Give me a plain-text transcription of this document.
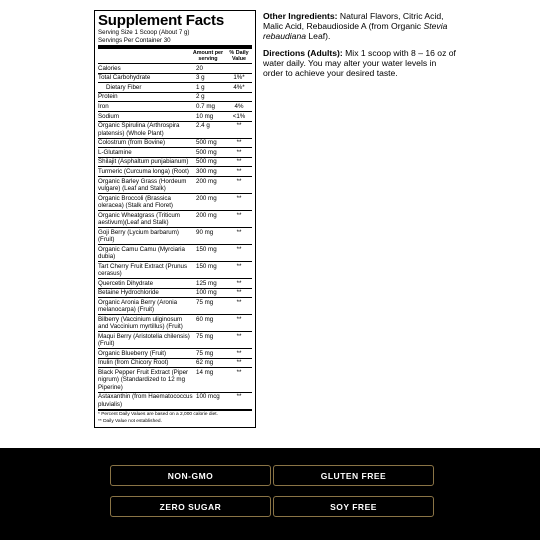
Supplement Facts
Serving Size 1 Scoop (About 7 g)
Servings Per Container 30
Amount per serving
% Daily Value
Calories	20
Total Carbohydrate	3 g	1%*
Dietary Fiber	1 g	4%*
Protein	2 g
Iron	0.7 mg	4%
Sodium	10 mg	<1%
Organic Spirulina (Arthrospira platensis) (Whole Plant)
2.4 g	**
Colostrum (from Bovine)	500 mg	**
L-Glutamine	500 mg	**
Shilajit (Asphaltum punjabianum)	500 mg	**
Turmeric (Curcuma longa) (Root)	300 mg	**
Organic Barley Grass (Hordeum vulgare) (Leaf and Stalk)
200 mg	**
Organic Broccoli (Brassica oleracea) (Stalk and Floret)
200 mg	**
Organic Wheatgrass (Triticum aestivum)(Leaf and Stalk)
200 mg	**
Goji Berry (Lycium barbarum) (Fruit)
90 mg	**
Organic Camu Camu (Myrciaria dubia)
150 mg	**
Tart Cherry Fruit Extract (Prunus cerasus)
150 mg	**
Quercetin Dihydrate	125 mg	**
Betaine Hydrochloride	100 mg	**
Organic Aronia Berry (Aronia melanocarpa) (Fruit)
75 mg	**
Bilberry (Vaccinium uliginosum and Vaccinium myrtillus) (Fruit)
60 mg	**
Maqui Berry (Aristotelia chilensis) (Fruit)
75 mg	**
Organic Blueberry (Fruit)	75 mg	**
Inulin (from Chicory Root)	62 mg	**
Black Pepper Fruit Extract (Piper nigrum) (Standardized to 12 mg Piperine)
14 mg	**
Astaxanthin (from Haematococcus pluvialis)
100 mcg	**
* Percent Daily Values are based on a 2,000 calorie diet.
** Daily Value not established.
Other Ingredients: Natural Flavors, Citric Acid, Malic Acid, Rebaudioside A (from Organic Stevia rebaudiana Leaf).
Directions (Adults): Mix 1 scoop with 8 – 16 oz of water daily. You may alter your water levels in order to achieve your desired taste.
NON-GMO	GLUTEN FREE
ZERO SUGAR	SOY FREE
